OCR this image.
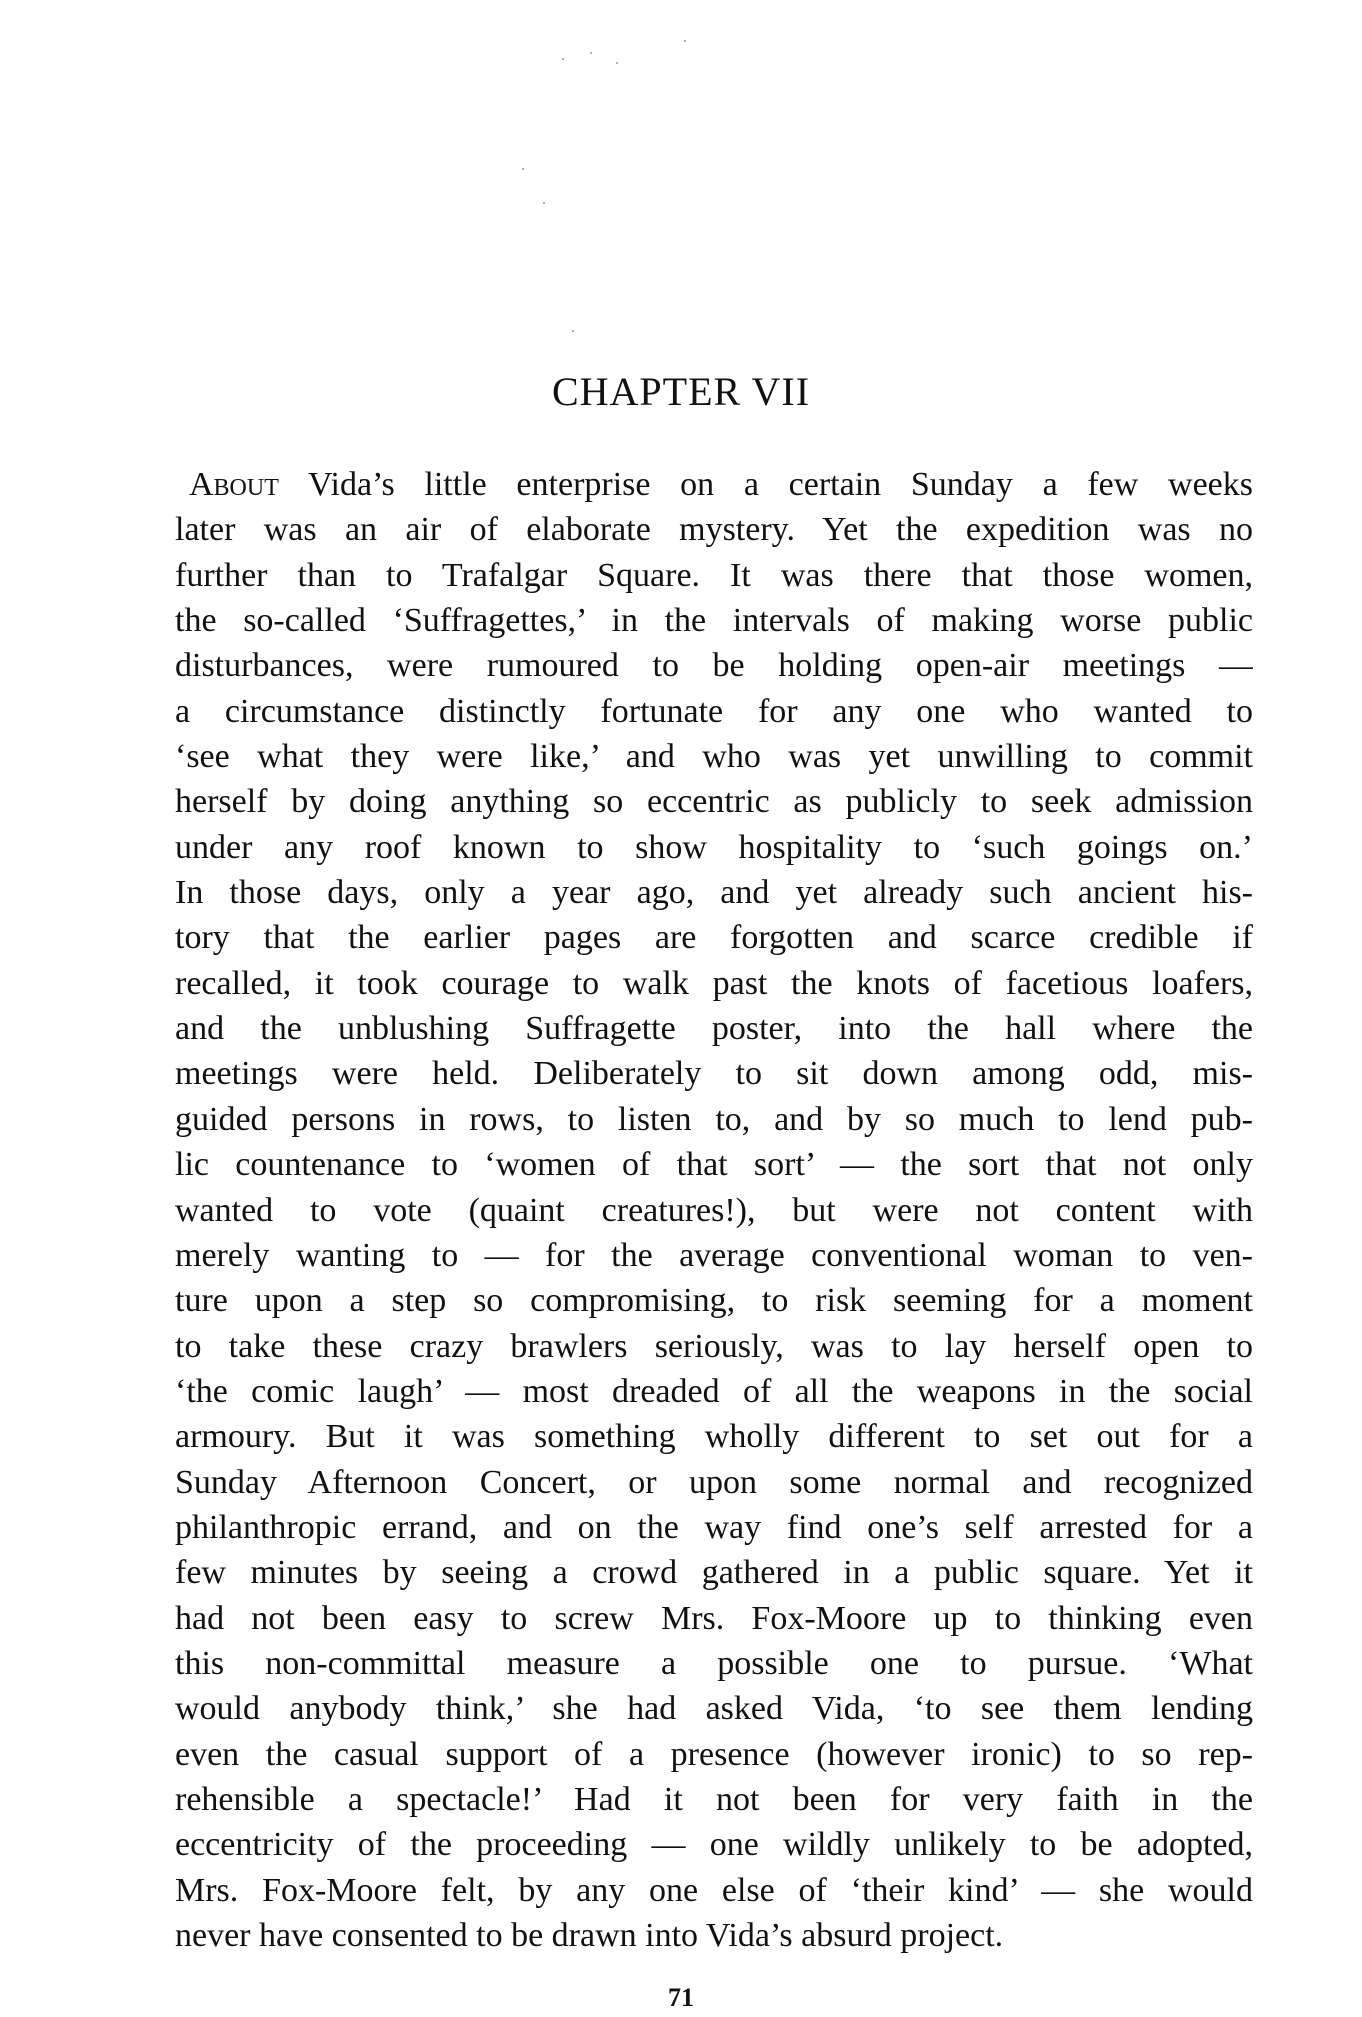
CHAPTER VII
About Vida’s little enterprise on a certain Sunday a few weeks
later was an air of elaborate mystery. Yet the expedition was no
further than to Trafalgar Square. It was there that those women,
the so-called ‘Suffragettes,’ in the intervals of making worse public
disturbances, were rumoured to be holding open-air meetings —
a circumstance distinctly fortunate for any one who wanted to
‘see what they were like,’ and who was yet unwilling to commit
herself by doing anything so eccentric as publicly to seek admission
under any roof known to show hospitality to ‘such goings on.’
In those days, only a year ago, and yet already such ancient his-
tory that the earlier pages are forgotten and scarce credible if
recalled, it took courage to walk past the knots of facetious loafers,
and the unblushing Suffragette poster, into the hall where the
meetings were held. Deliberately to sit down among odd, mis-
guided persons in rows, to listen to, and by so much to lend pub-
lic countenance to ‘women of that sort’ — the sort that not only
wanted to vote (quaint creatures!), but were not content with
merely wanting to — for the average conventional woman to ven-
ture upon a step so compromising, to risk seeming for a moment
to take these crazy brawlers seriously, was to lay herself open to
‘the comic laugh’ — most dreaded of all the weapons in the social
armoury. But it was something wholly different to set out for a
Sunday Afternoon Concert, or upon some normal and recognized
philanthropic errand, and on the way find one’s self arrested for a
few minutes by seeing a crowd gathered in a public square. Yet it
had not been easy to screw Mrs. Fox-Moore up to thinking even
this non-committal measure a possible one to pursue. ‘What
would anybody think,’ she had asked Vida, ‘to see them lending
even the casual support of a presence (however ironic) to so rep-
rehensible a spectacle!’ Had it not been for very faith in the
eccentricity of the proceeding — one wildly unlikely to be adopted,
Mrs. Fox-Moore felt, by any one else of ‘their kind’ — she would
never have consented to be drawn into Vida’s absurd project.
71
